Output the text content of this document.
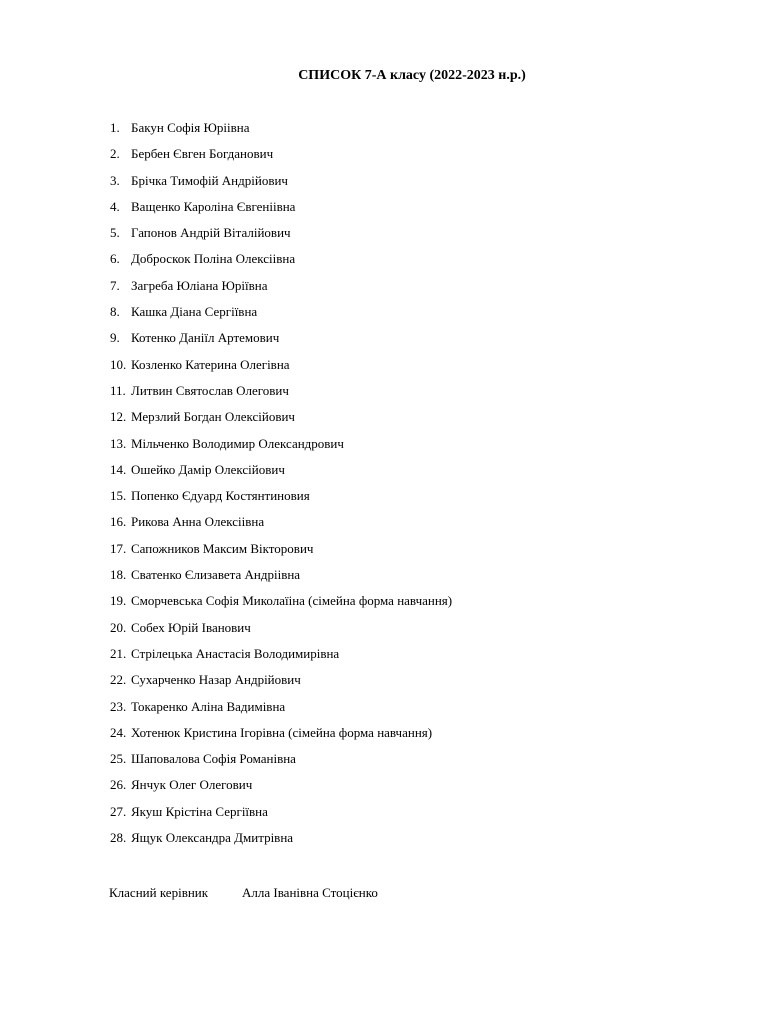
СПИСОК 7-А класу (2022-2023 н.р.)
1. Бакун Софія Юріівна
2. Бербен Євген Богданович
3. Брічка Тимофій Андрійович
4. Ващенко Кароліна Євгеніівна
5. Гапонов Андрій Віталійович
6. Доброскок Поліна Олексіівна
7. Загреба Юліана Юріївна
8. Кашка Діана Сергіївна
9. Котенко Даніїл Артемович
10. Козленко Катерина Олегівна
11. Литвин Святослав Олегович
12. Мерзлий Богдан Олексійович
13. Мільченко Володимир Олександрович
14. Ошейко Дамір Олексійович
15. Попенко Єдуард Костянтиновия
16. Рикова Анна Олексіівна
17. Сапожников Максим Вікторович
18. Сватенко Єлизавета Андріівна
19. Сморчевська Софія Миколаїіна (сімейна форма навчання)
20. Собех Юрій Іванович
21. Стрілецька Анастасія Володимирівна
22. Сухарченко Назар Андрійович
23. Токаренко Аліна Вадимівна
24. Хотенюк Кристина Ігорівна (сімейна форма навчання)
25. Шаповалова Софія Романівна
26. Янчук Олег Олегович
27. Якуш Крістіна Сергіївна
28. Ящук Олександра Дмитрівна
Класний керівник	Алла Іванівна Стоцієнко
